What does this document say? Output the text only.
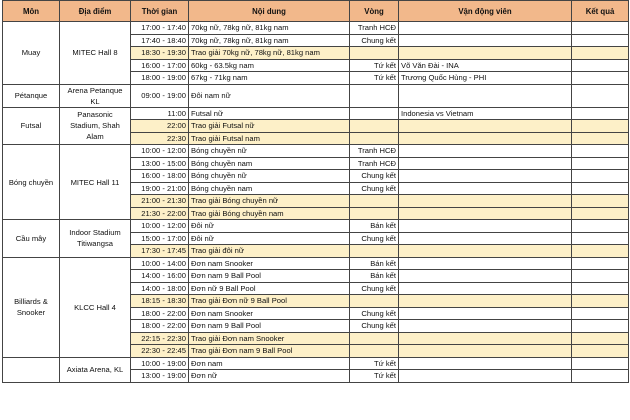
Môn	Địa điểm	Thời gian	Nội dung	Vòng	Vận động viên	Kết quả
Muay	MITEC Hall 8	17:00 - 17:40	70kg nữ, 78kg nữ, 81kg nam	Tranh HCĐ		
		17:40 - 18:40	70kg nữ, 78kg nữ, 81kg nam	Chung kết		
		18:30 - 19:30	Trao giải 70kg nữ, 78kg nữ, 81kg nam			
		16:00 - 17:00	60kg - 63.5kg nam	Tứ kết	Võ Văn Đài - INA	
		18:00 - 19:00	67kg - 71kg nam	Tứ kết	Trương Quốc Hùng - PHI	
Pétanque	Arena Petanque KL	09:00 - 19:00	Đôi nam nữ			
Futsal	Panasonic Stadium, Shah Alam	11:00	Futsal nữ		Indonesia vs Vietnam	
		22:00	Trao giải Futsal nữ			
		22:30	Trao giải Futsal nam			
Bóng chuyền	MITEC Hall 11	10:00 - 12:00	Bóng chuyền nữ	Tranh HCĐ		
		13:00 - 15:00	Bóng chuyền nam	Tranh HCĐ		
		16:00 - 18:00	Bóng chuyền nữ	Chung kết		
		19:00 - 21:00	Bóng chuyền nam	Chung kết		
		21:00 - 21:30	Trao giải Bóng chuyền nữ			
		21:30 - 22:00	Trao giải Bóng chuyền nam			
Cầu mây	Indoor Stadium Titiwangsa	10:00 - 12:00	Đôi nữ	Bán kết		
		15:00 - 17:00	Đôi nữ	Chung kết		
		17:30 - 17:45	Trao giải đôi nữ			
Billiards & Snooker	KLCC Hall 4	10:00 - 14:00	Đơn nam Snooker	Bán kết		
		14:00 - 16:00	Đơn nam 9 Ball Pool	Bán kết		
		14:00 - 18:00	Đơn nữ 9 Ball Pool	Chung kết		
		18:15 - 18:30	Trao giải Đơn nữ 9 Ball Pool			
		18:00 - 22:00	Đơn nam Snooker	Chung kết		
		18:00 - 22:00	Đơn nam 9 Ball Pool	Chung kết		
		22:15 - 22:30	Trao giải Đơn nam Snooker			
		22:30 - 22:45	Trao giải Đơn nam 9 Ball Pool			
	Axiata Arena, KL	10:00 - 19:00	Đơn nam	Tứ kết		
		13:00 - 19:00	Đơn nữ	Tứ kết		
